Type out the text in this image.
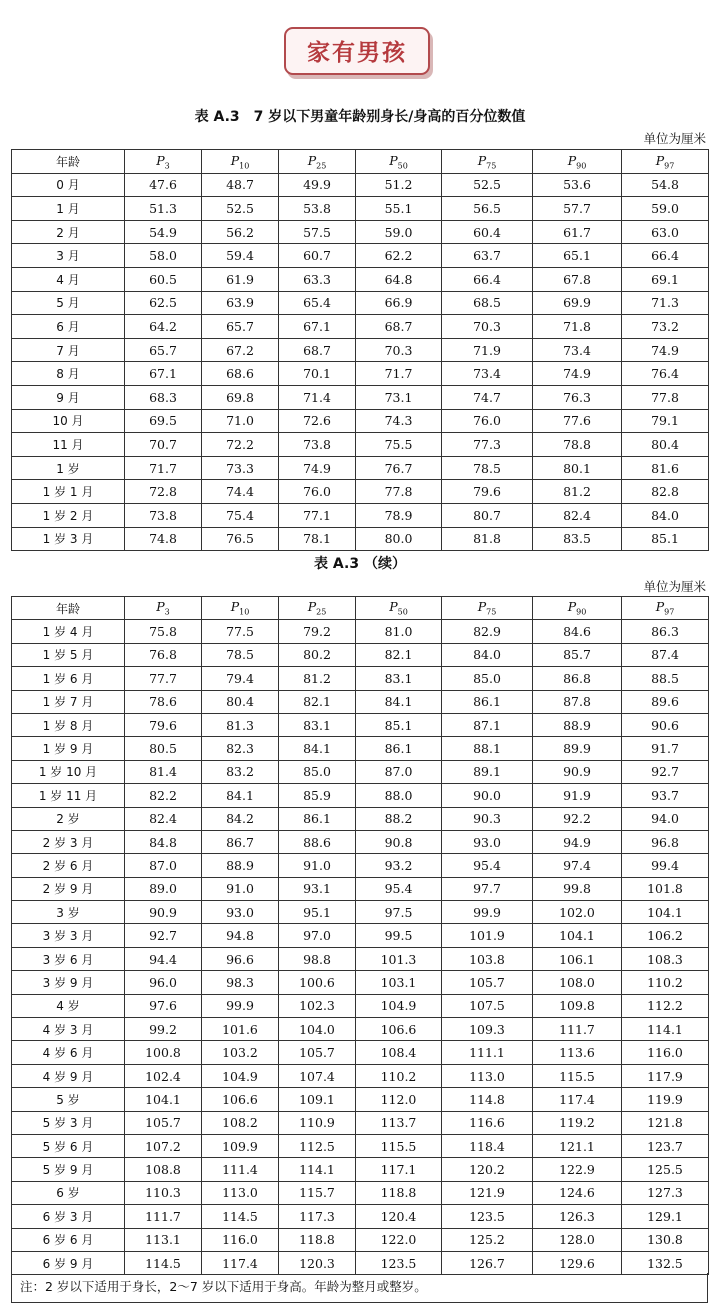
家有男孩
表 A.3　7 岁以下男童年龄别身长/身高的百分位数值
单位为厘米
年龄	$P_3$	$P_{10}$	$P_{25}$	$P_{50}$	$P_{75}$	$P_{90}$	$P_{97}$
0 月	47.6	48.7	49.9	51.2	52.5	53.6	54.8
1 月	51.3	52.5	53.8	55.1	56.5	57.7	59.0
2 月	54.9	56.2	57.5	59.0	60.4	61.7	63.0
3 月	58.0	59.4	60.7	62.2	63.7	65.1	66.4
4 月	60.5	61.9	63.3	64.8	66.4	67.8	69.1
5 月	62.5	63.9	65.4	66.9	68.5	69.9	71.3
6 月	64.2	65.7	67.1	68.7	70.3	71.8	73.2
7 月	65.7	67.2	68.7	70.3	71.9	73.4	74.9
8 月	67.1	68.6	70.1	71.7	73.4	74.9	76.4
9 月	68.3	69.8	71.4	73.1	74.7	76.3	77.8
10 月	69.5	71.0	72.6	74.3	76.0	77.6	79.1
11 月	70.7	72.2	73.8	75.5	77.3	78.8	80.4
1 岁	71.7	73.3	74.9	76.7	78.5	80.1	81.6
1 岁 1 月	72.8	74.4	76.0	77.8	79.6	81.2	82.8
1 岁 2 月	73.8	75.4	77.1	78.9	80.7	82.4	84.0
1 岁 3 月	74.8	76.5	78.1	80.0	81.8	83.5	85.1
表 A.3 （续）
单位为厘米
年龄	$P_3$	$P_{10}$	$P_{25}$	$P_{50}$	$P_{75}$	$P_{90}$	$P_{97}$
1 岁 4 月	75.8	77.5	79.2	81.0	82.9	84.6	86.3
1 岁 5 月	76.8	78.5	80.2	82.1	84.0	85.7	87.4
1 岁 6 月	77.7	79.4	81.2	83.1	85.0	86.8	88.5
1 岁 7 月	78.6	80.4	82.1	84.1	86.1	87.8	89.6
1 岁 8 月	79.6	81.3	83.1	85.1	87.1	88.9	90.6
1 岁 9 月	80.5	82.3	84.1	86.1	88.1	89.9	91.7
1 岁 10 月	81.4	83.2	85.0	87.0	89.1	90.9	92.7
1 岁 11 月	82.2	84.1	85.9	88.0	90.0	91.9	93.7
2 岁	82.4	84.2	86.1	88.2	90.3	92.2	94.0
2 岁 3 月	84.8	86.7	88.6	90.8	93.0	94.9	96.8
2 岁 6 月	87.0	88.9	91.0	93.2	95.4	97.4	99.4
2 岁 9 月	89.0	91.0	93.1	95.4	97.7	99.8	101.8
3 岁	90.9	93.0	95.1	97.5	99.9	102.0	104.1
3 岁 3 月	92.7	94.8	97.0	99.5	101.9	104.1	106.2
3 岁 6 月	94.4	96.6	98.8	101.3	103.8	106.1	108.3
3 岁 9 月	96.0	98.3	100.6	103.1	105.7	108.0	110.2
4 岁	97.6	99.9	102.3	104.9	107.5	109.8	112.2
4 岁 3 月	99.2	101.6	104.0	106.6	109.3	111.7	114.1
4 岁 6 月	100.8	103.2	105.7	108.4	111.1	113.6	116.0
4 岁 9 月	102.4	104.9	107.4	110.2	113.0	115.5	117.9
5 岁	104.1	106.6	109.1	112.0	114.8	117.4	119.9
5 岁 3 月	105.7	108.2	110.9	113.7	116.6	119.2	121.8
5 岁 6 月	107.2	109.9	112.5	115.5	118.4	121.1	123.7
5 岁 9 月	108.8	111.4	114.1	117.1	120.2	122.9	125.5
6 岁	110.3	113.0	115.7	118.8	121.9	124.6	127.3
6 岁 3 月	111.7	114.5	117.3	120.4	123.5	126.3	129.1
6 岁 6 月	113.1	116.0	118.8	122.0	125.2	128.0	130.8
6 岁 9 月	114.5	117.4	120.3	123.5	126.7	129.6	132.5
注：2 岁以下适用于身长，2〜7 岁以下适用于身高。年龄为整月或整岁。
